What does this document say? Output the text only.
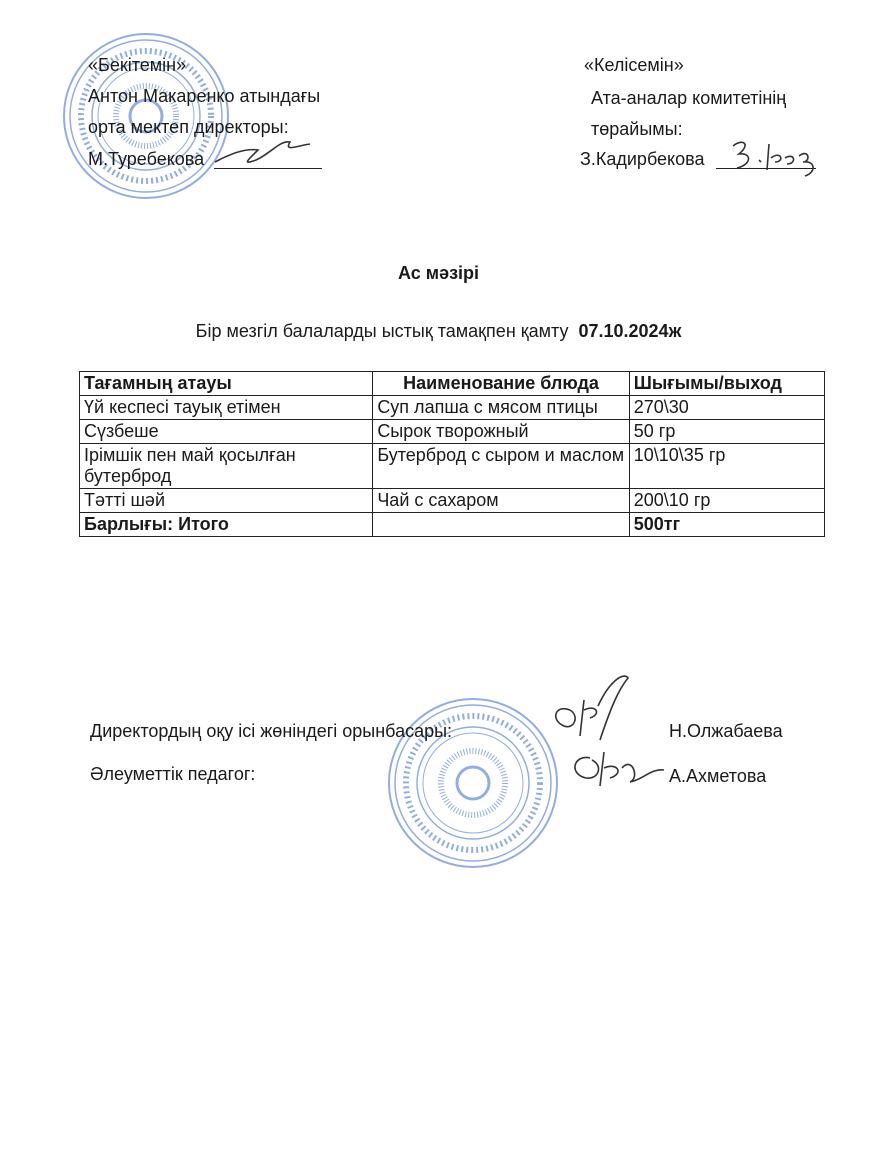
«Бекітемін»
Антон Макаренко атындағы
орта мектеп директоры:
М.Туребекова
«Келісемін»
Ата-аналар комитетінің
төрайымы:
З.Кадирбекова
Ас мәзірі
Бір мезгіл балаларды ыстық тамақпен қамту 07.10.2024ж
Тағамның атауы	Наименование блюда	Шығымы/выход
Үй кеспесі тауық етімен	Суп лапша с мясом птицы	270\30
Сүзбеше	Сырок творожный	50 гр
Ірімшік пен май қосылған бутерброд	Бутерброд с сыром и маслом	10\10\35 гр
Тәтті шәй	Чай с сахаром	200\10 гр
Барлығы: Итого		500тг
Директордың оқу ісі жөніндегі орынбасары:	Н.Олжабаева
Әлеуметтік педагог:	А.Ахметова
